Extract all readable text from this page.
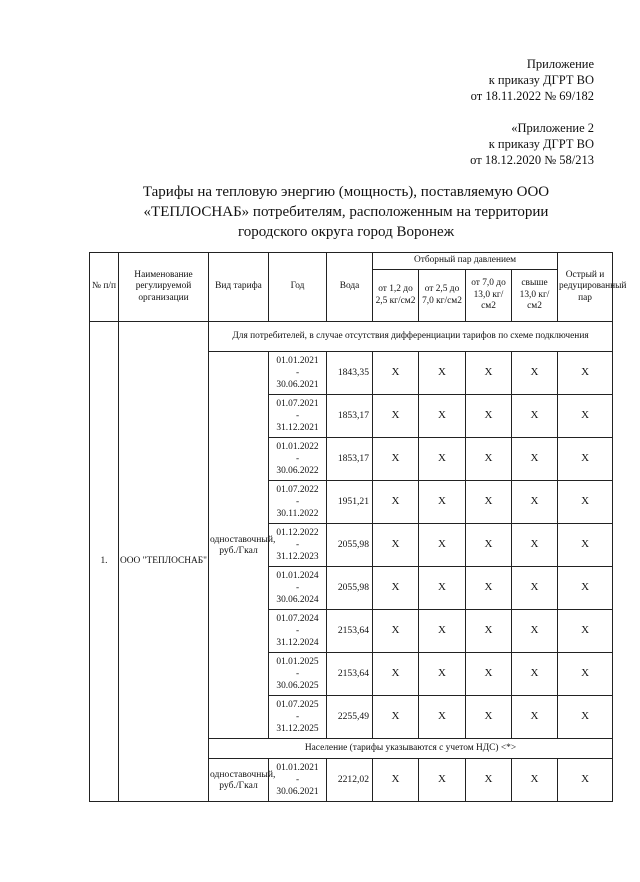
Приложение
к приказу ДГРТ ВО
от 18.11.2022 № 69/182
«Приложение 2
к приказу ДГРТ ВО
от 18.12.2020 № 58/213
Тарифы на тепловую энергию (мощность), поставляемую ООО
«ТЕПЛОСНАБ» потребителям, расположенным на территории
городского округа город Воронеж
№ п/п	Наименование регулируемой организации	Вид тарифа	Год	Вода	Отборный пар давлением				Острый и редуцированный пар
					от 1,2 до 2,5 кг/см2	от 2,5 до 7,0 кг/см2	от 7,0 до 13,0 кг/см2	свыше 13,0 кг/см2	
1.	ООО "ТЕПЛОСНАБ"	Для потребителей, в случае отсутствия дифференциации тарифов по схеме подключения							
		одноставочный, руб./Гкал	01.01.2021
-
30.06.2021	1843,35	Х	Х	Х	Х	Х

			01.07.2021
-
31.12.2021	1853,17	Х	Х	Х	Х	Х

			01.01.2022
-
30.06.2022	1853,17	Х	Х	Х	Х	Х

			01.07.2022
-
30.11.2022	1951,21	Х	Х	Х	Х	Х

			01.12.2022
-
31.12.2023	2055,98	Х	Х	Х	Х	Х

			01.01.2024
-
30.06.2024	2055,98	Х	Х	Х	Х	Х

			01.07.2024
-
31.12.2024	2153,64	Х	Х	Х	Х	Х

			01.01.2025
-
30.06.2025	2153,64	Х	Х	Х	Х	Х

			01.07.2025
-
31.12.2025	2255,49	Х	Х	Х	Х	Х
		Население (тарифы указываются с учетом НДС) <*>							
		одноставочный, руб./Гкал	01.01.2021
-
30.06.2021	2212,02	Х	Х	Х	Х	Х
